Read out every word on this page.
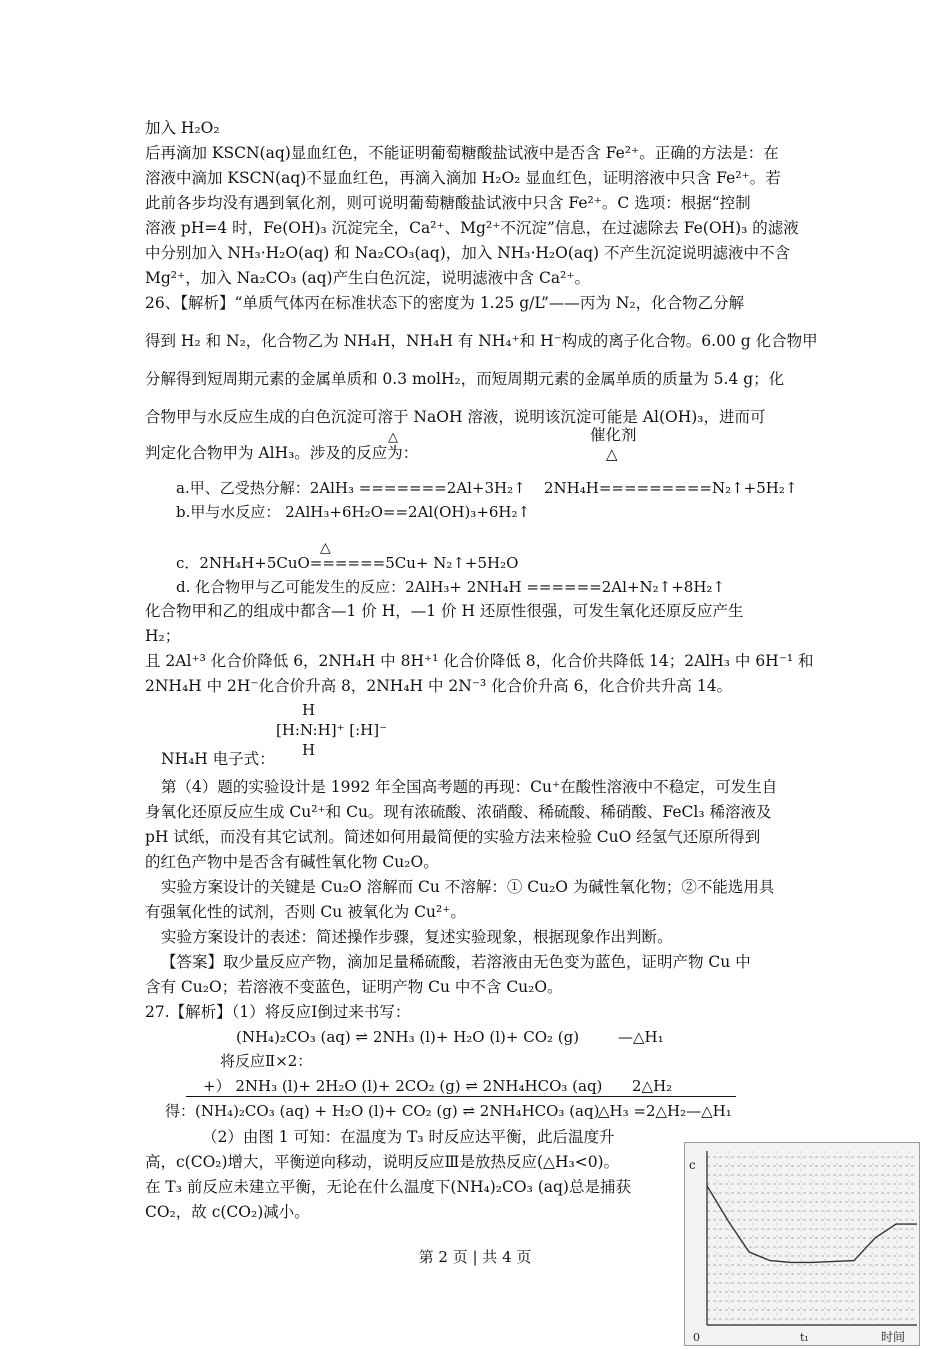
加入 H₂O₂
后再滴加 KSCN(aq)显血红色，不能证明葡萄糖酸盐试液中是否含 Fe²⁺。正确的方法是：在
溶液中滴加 KSCN(aq)不显血红色，再滴入滴加 H₂O₂ 显血红色，证明溶液中只含 Fe²⁺。若
此前各步均没有遇到氧化剂，则可说明葡萄糖酸盐试液中只含 Fe²⁺。C 选项：根据“控制
溶液 pH=4 时，Fe(OH)₃ 沉淀完全，Ca²⁺、Mg²⁺不沉淀”信息，在过滤除去 Fe(OH)₃ 的滤液
中分别加入 NH₃·H₂O(aq) 和 Na₂CO₃(aq)，加入 NH₃·H₂O(aq) 不产生沉淀说明滤液中不含
Mg²⁺，加入 Na₂CO₃ (aq)产生白色沉淀，说明滤液中含 Ca²⁺。
26、【解析】“单质气体丙在标准状态下的密度为 1.25 g/L”——丙为 N₂，化合物乙分解
得到 H₂ 和 N₂，化合物乙为 NH₄H，NH₄H 有 NH₄⁺和 H⁻构成的离子化合物。6.00 g 化合物甲
分解得到短周期元素的金属单质和 0.3 molH₂，而短周期元素的金属单质的质量为 5.4 g；化
合物甲与水反应生成的白色沉淀可溶于 NaOH 溶液，说明该沉淀可能是 Al(OH)₃，进而可
△	催化剂
判定化合物甲为 AlH₃。涉及的反应为：	△
a.甲、乙受热分解：2AlH₃ =======2Al+3H₂↑ 2NH₄H=========N₂↑+5H₂↑
b.甲与水反应： 2AlH₃+6H₂O==2Al(OH)₃+6H₂↑
△
c．2NH₄H+5CuO======5Cu+ N₂↑+5H₂O
d. 化合物甲与乙可能发生的反应：2AlH₃+ 2NH₄H ======2Al+N₂↑+8H₂↑
化合物甲和乙的组成中都含—1 价 H，—1 价 H 还原性很强，可发生氧化还原反应产生
H₂；
且 2Al⁺³ 化合价降低 6，2NH₄H 中 8H⁺¹ 化合价降低 8，化合价共降低 14；2AlH₃ 中 6H⁻¹ 和
2NH₄H 中 2H⁻化合价升高 8，2NH₄H 中 2N⁻³ 化合价升高 6，化合价共升高 14。
H
[H:N:H]⁺ [:H]⁻
H
NH₄H 电子式：
第（4）题的实验设计是 1992 年全国高考题的再现：Cu⁺在酸性溶液中不稳定，可发生自
身氧化还原反应生成 Cu²⁺和 Cu。现有浓硫酸、浓硝酸、稀硫酸、稀硝酸、FeCl₃ 稀溶液及
pH 试纸，而没有其它试剂。简述如何用最简便的实验方法来检验 CuO 经氢气还原所得到
的红色产物中是否含有碱性氧化物 Cu₂O。
实验方案设计的关键是 Cu₂O 溶解而 Cu 不溶解：① Cu₂O 为碱性氧化物；②不能选用具
有强氧化性的试剂，否则 Cu 被氧化为 Cu²⁺。
实验方案设计的表述：简述操作步骤，复述实验现象，根据现象作出判断。
【答案】取少量反应产物，滴加足量稀硫酸，若溶液由无色变为蓝色，证明产物 Cu 中
含有 Cu₂O；若溶液不变蓝色，证明产物 Cu 中不含 Cu₂O。
27.【解析】（1）将反应Ⅰ倒过来书写：
(NH₄)₂CO₃ (aq) ⇌ 2NH₃ (l)+ H₂O (l)+ CO₂ (g)	—△H₁
将反应Ⅱ×2：
+） 2NH₃ (l)+ 2H₂O (l)+ 2CO₂ (g) ⇌ 2NH₄HCO₃ (aq) 2△H₂
得：(NH₄)₂CO₃ (aq) + H₂O (l)+ CO₂ (g) ⇌ 2NH₄HCO₃ (aq)
△H₃ =2△H₂—△H₁
（2）由图 1 可知：在温度为 T₃ 时反应达平衡，此后温度升
高，c(CO₂)增大，平衡逆向移动，说明反应Ⅲ是放热反应(△H₃<0)。
在 T₃ 前反应未建立平衡，无论在什么温度下(NH₄)₂CO₃ (aq)总是捕获
CO₂，故 c(CO₂)减小。
c
0	t₁	时间
第 2 页 | 共 4 页
